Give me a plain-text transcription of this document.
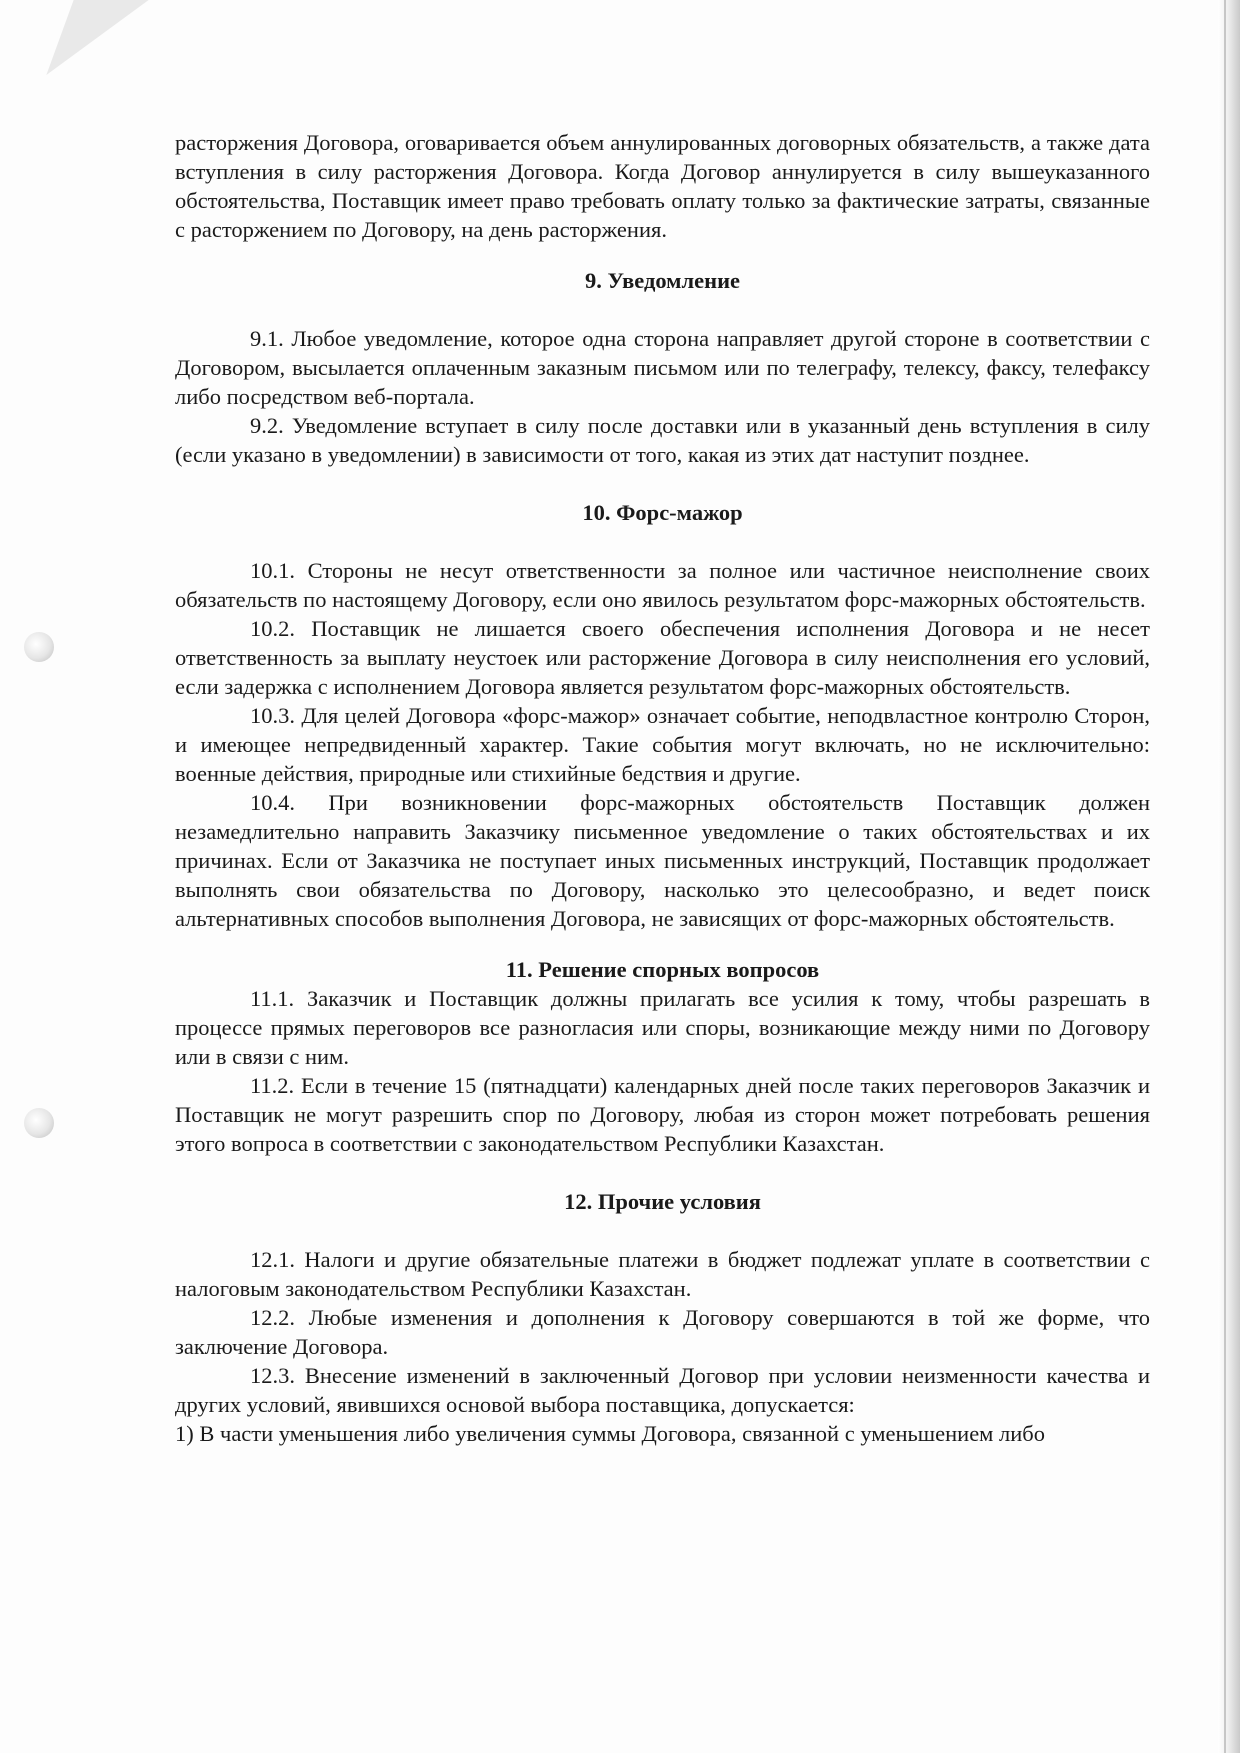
расторжения Договора, оговаривается объем аннулированных договорных обязательств, а также дата вступления в силу расторжения Договора. Когда Договор аннулируется в силу вышеуказанного обстоятельства, Поставщик имеет право требовать оплату только за фактические затраты, связанные с расторжением по Договору, на день расторжения.

9. Уведомление

9.1. Любое уведомление, которое одна сторона направляет другой стороне в соответствии с Договором, высылается оплаченным заказным письмом или по телеграфу, телексу, факсу, телефаксу либо посредством веб-портала.

9.2. Уведомление вступает в силу после доставки или в указанный день вступления в силу (если указано в уведомлении) в зависимости от того, какая из этих дат наступит позднее.

10. Форс-мажор

10.1. Стороны не несут ответственности за полное или частичное неисполнение своих обязательств по настоящему Договору, если оно явилось результатом форс-мажорных обстоятельств.

10.2. Поставщик не лишается своего обеспечения исполнения Договора и не несет ответственность за выплату неустоек или расторжение Договора в силу неисполнения его условий, если задержка с исполнением Договора является результатом форс-мажорных обстоятельств.

10.3. Для целей Договора «форс-мажор» означает событие, неподвластное контролю Сторон, и имеющее непредвиденный характер. Такие события могут включать, но не исключительно: военные действия, природные или стихийные бедствия и другие.

10.4. При возникновении форс-мажорных обстоятельств Поставщик должен незамедлительно направить Заказчику письменное уведомление о таких обстоятельствах и их причинах. Если от Заказчика не поступает иных письменных инструкций, Поставщик продолжает выполнять свои обязательства по Договору, насколько это целесообразно, и ведет поиск альтернативных способов выполнения Договора, не зависящих от форс-мажорных обстоятельств.

11. Решение спорных вопросов

11.1. Заказчик и Поставщик должны прилагать все усилия к тому, чтобы разрешать в процессе прямых переговоров все разногласия или споры, возникающие между ними по Договору или в связи с ним.

11.2. Если в течение 15 (пятнадцати) календарных дней после таких переговоров Заказчик и Поставщик не могут разрешить спор по Договору, любая из сторон может потребовать решения этого вопроса в соответствии с законодательством Республики Казахстан.

12. Прочие условия

12.1. Налоги и другие обязательные платежи в бюджет подлежат уплате в соответствии с налоговым законодательством Республики Казахстан.

12.2. Любые изменения и дополнения к Договору совершаются в той же форме, что заключение Договора.

12.3. Внесение изменений в заключенный Договор при условии неизменности качества и других условий, явившихся основой выбора поставщика, допускается:

1) В части уменьшения либо увеличения суммы Договора, связанной с уменьшением либо
